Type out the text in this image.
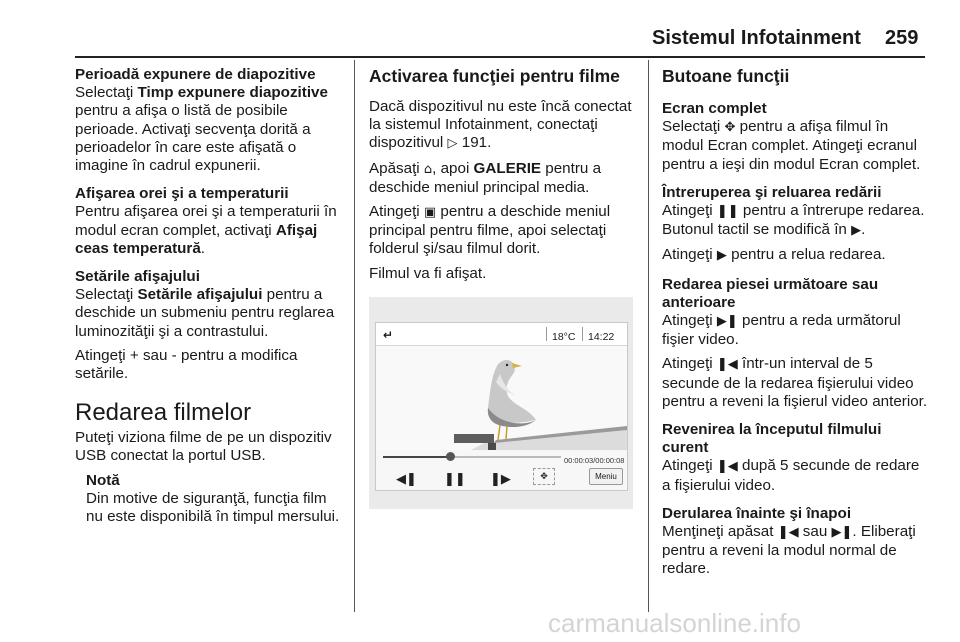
Sistemul Infotainment 259

Perioadă expunere de diapozitive

Selectaţi Timp expunere diapozitive pentru a afişa o listă de posibile perioade. Activaţi secvenţa dorită a perioadelor în care este afişată o imagine în cadrul expunerii.

Afişarea orei şi a temperaturii

Pentru afişarea orei şi a temperaturii în modul ecran complet, activaţi Afişaj ceas temperatură.

Setările afişajului

Selectaţi Setările afişajului pentru a deschide un submeniu pentru reglarea luminozităţii şi a contrastului.

Atingeţi + sau - pentru a modifica setările.

Redarea filmelor

Puteţi viziona filme de pe un dispozitiv USB conectat la portul USB.

Notă

Din motive de siguranţă, funcţia film nu este disponibilă în timpul mersului.

Activarea funcţiei pentru filme

Dacă dispozitivul nu este încă conectat la sistemul Infotainment, conectaţi dispozitivul ▷ 191.

Apăsaţi ⌂, apoi GALERIE pentru a deschide meniul principal media.

Atingeţi ▣ pentru a deschide meniul principal pentru filme, apoi selectaţi folderul şi/sau filmul dorit.

Filmul va fi afişat.

↵	18°C 14:22
00:00:03/00:00:08
◀❚ ❚❚ ❚▶	✥	Meniu

Butoane funcţii

Ecran complet

Selectaţi ✥ pentru a afişa filmul în modul Ecran complet. Atingeţi ecranul pentru a ieşi din modul Ecran complet.

Întreruperea şi reluarea redării

Atingeţi ❚❚ pentru a întrerupe redarea. Butonul tactil se modifică în ▶.

Atingeţi ▶ pentru a relua redarea.

Redarea piesei următoare sau anterioare

Atingeţi ▶❚ pentru a reda următorul fişier video.

Atingeţi ❚◀ într-un interval de 5 secunde de la redarea fişierului video pentru a reveni la fişierul video anterior.

Revenirea la începutul filmului curent

Atingeţi ❚◀ după 5 secunde de redare a fişierului video.

Derularea înainte şi înapoi

Menţineţi apăsat ❚◀ sau ▶❚. Eliberaţi pentru a reveni la modul normal de redare.

carmanualsonline.info
